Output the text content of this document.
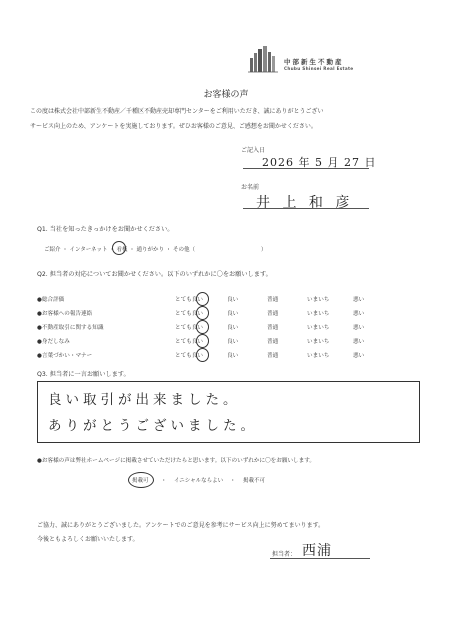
中部新生不動産
Chubu Shinsei Real Estate
お客様の声
この度は株式会社中部新生不動産／千種区不動産売却専門センターをご利用いただき、誠にありがとうござい
サービス向上のため、アンケートを実施しております。ぜひお客様のご意見、ご感想をお聞かせください。
ご記入日
2026 年 5 月 27 日
お名前
井 上 和 彦
Q1. 当社を知ったきっかけをお聞かせください。
ご紹介 ・ インターネット ・ 看板 ・ 通りがかり ・ その他（　　　　　　　　　　　　）
Q2. 担当者の対応についてお聞かせください。以下のいずれかに〇をお願いします。
●総合評価	とても良い	良い	普通	いまいち	悪い
●お客様への報告連絡	とても良い	良い	普通	いまいち	悪い
●不動産取引に関する知識	とても良い	良い	普通	いまいち	悪い
●身だしなみ	とても良い	良い	普通	いまいち	悪い
●言葉づかい・マナー	とても良い	良い	普通	いまいち	悪い
Q3. 担当者に一言お願いします。
良い取引が出来ました。
ありがとうございました。
●お客様の声は弊社ホームページに掲載させていただけたらと思います。以下のいずれかに〇をお願いします。
掲載可 ・ イニシャルならよい ・ 掲載不可
ご協力、誠にありがとうございました。アンケートでのご意見を参考にサービス向上に努めてまいります。
今後ともよろしくお願いいたします。
担当者： 西浦
